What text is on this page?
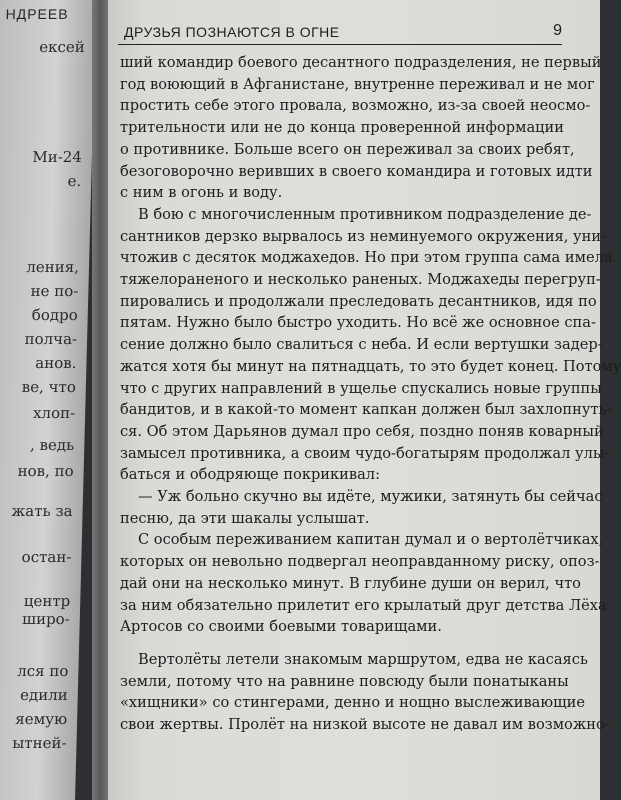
НДРЕЕВ
ексей
Ми-24
е.
ления,
не по-
бодро
полча-
анов.
ве, что
хлоп-
, ведь
нов, по
жать за
остан-
центр
ширo-
лся по
едили
яемую
ытней-
ДРУЗЬЯ ПОЗНАЮТСЯ В ОГНЕ	9
ший командир боевого десантного подразделения, не первый
год воюющий в Афганистане, внутренне переживал и не мог
простить себе этого провала, возможно, из-за своей неосмо-
трительности или не до конца проверенной информации
о противнике. Больше всего он переживал за своих ребят,
безоговорочно веривших в своего командира и готовых идти
с ним в огонь и воду.
В бою с многочисленным противником подразделение де-
сантников дерзко вырвалось из неминуемого окружения, уни-
чтожив с десяток моджахедов. Но при этом группа сама имела
тяжелораненого и несколько раненых. Моджахеды перегруп-
пировались и продолжали преследовать десантников, идя по
пятам. Нужно было быстро уходить. Но всё же основное спа-
сение должно было свалиться с неба. И если вертушки задер-
жатся хотя бы минут на пятнадцать, то это будет конец. Потому
что с других направлений в ущелье спускались новые группы
бандитов, и в какой-то момент капкан должен был захлопнуть-
ся. Об этом Дарьянов думал про себя, поздно поняв коварный
замысел противника, а своим чудо-богатырям продолжал улы-
баться и ободряюще покрикивал:
— Уж больно скучно вы идёте, мужики, затянуть бы сейчас
песню, да эти шакалы услышат.
С особым переживанием капитан думал и о вертолётчиках,
которых он невольно подвергал неоправданному риску, опоз-
дай они на несколько минут. В глубине души он верил, что
за ним обязательно прилетит его крылатый друг детства Лёха
Артосов со своими боевыми товарищами.
Вертолёты летели знакомым маршрутом, едва не касаясь
земли, потому что на равнине повсюду были понатыканы
«хищники» со стингерами, денно и нощно выслеживающие
свои жертвы. Пролёт на низкой высоте не давал им возможно-
